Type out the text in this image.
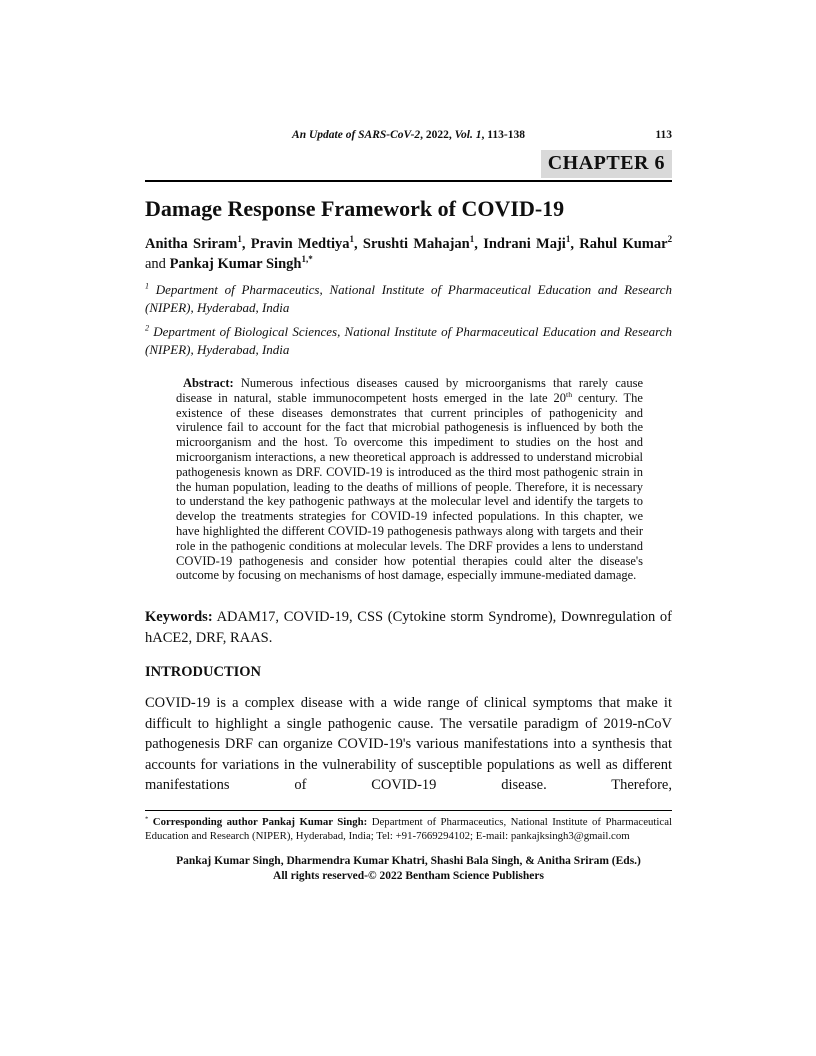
An Update of SARS-CoV-2, 2022, Vol. 1, 113-138	113
CHAPTER 6
Damage Response Framework of COVID-19

Anitha Sriram$^1$, Pravin Medtiya$^1$, Srushti Mahajan$^1$, Indrani Maji$^1$, Rahul Kumar$^2$ and Pankaj Kumar Singh$^{1,*}$

$^1$ Department of Pharmaceutics, National Institute of Pharmaceutical Education and Research (NIPER), Hyderabad, India

$^2$ Department of Biological Sciences, National Institute of Pharmaceutical Education and Research (NIPER), Hyderabad, India

Abstract: Numerous infectious diseases caused by microorganisms that rarely cause disease in natural, stable immunocompetent hosts emerged in the late 20th century. The existence of these diseases demonstrates that current principles of pathogenicity and virulence fail to account for the fact that microbial pathogenesis is influenced by both the microorganism and the host. To overcome this impediment to studies on the host and microorganism interactions, a new theoretical approach is addressed to understand microbial pathogenesis known as DRF. COVID-19 is introduced as the third most pathogenic strain in the human population, leading to the deaths of millions of people. Therefore, it is necessary to understand the key pathogenic pathways at the molecular level and identify the targets to develop the treatments strategies for COVID-19 infected populations. In this chapter, we have highlighted the different COVID-19 pathogenesis pathways along with targets and their role in the pathogenic conditions at molecular levels. The DRF provides a lens to understand COVID-19 pathogenesis and consider how potential therapies could alter the disease's outcome by focusing on mechanisms of host damage, especially immune-mediated damage.

Keywords: ADAM17, COVID-19, CSS (Cytokine storm Syndrome), Downregulation of hACE2, DRF, RAAS.

INTRODUCTION

COVID-19 is a complex disease with a wide range of clinical symptoms that make it difficult to highlight a single pathogenic cause. The versatile paradigm of 2019-nCoV pathogenesis DRF can organize COVID-19's various manifestations into a synthesis that accounts for variations in the vulnerability of susceptible populations as well as different manifestations of COVID-19 disease. Therefore,

* Corresponding author Pankaj Kumar Singh: Department of Pharmaceutics, National Institute of Pharmaceutical Education and Research (NIPER), Hyderabad, India; Tel: +91-7669294102; E-mail: pankajksingh3@gmail.com

Pankaj Kumar Singh, Dharmendra Kumar Khatri, Shashi Bala Singh, & Anitha Sriram (Eds.)
All rights reserved-© 2022 Bentham Science Publishers
